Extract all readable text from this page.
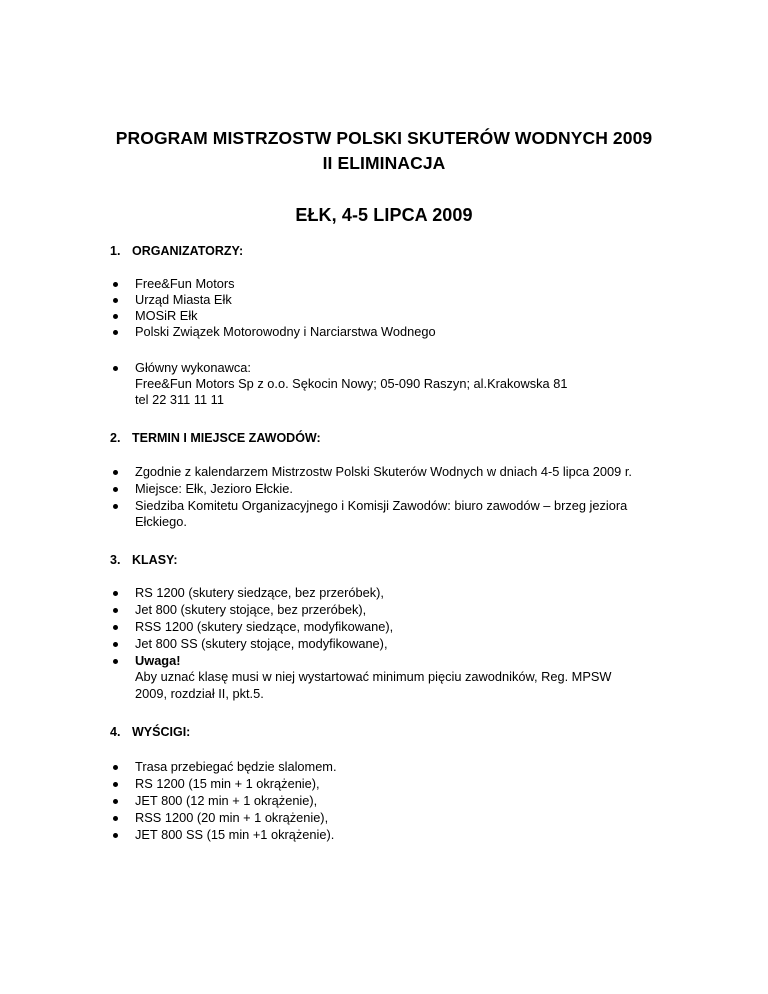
PROGRAM MISTRZOSTW POLSKI SKUTERÓW WODNYCH 2009
II ELIMINACJA
EŁK, 4-5 LIPCA 2009
1. ORGANIZATORZY:
Free&Fun Motors
Urząd Miasta Ełk
MOSiR Ełk
Polski Związek Motorowodny i Narciarstwa Wodnego
Główny wykonawca:
Free&Fun Motors Sp z o.o. Sękocin Nowy; 05-090 Raszyn; al.Krakowska 81
tel 22 311 11 11
2. TERMIN I MIEJSCE ZAWODÓW:
Zgodnie z kalendarzem Mistrzostw Polski Skuterów Wodnych w dniach 4-5 lipca 2009 r.
Miejsce: Ełk, Jezioro Ełckie.
Siedziba Komitetu Organizacyjnego i Komisji Zawodów: biuro zawodów – brzeg jeziora
Ełckiego.
3. KLASY:
RS 1200 (skutery siedzące, bez przeróbek),
Jet 800 (skutery stojące, bez przeróbek),
RSS 1200 (skutery siedzące, modyfikowane),
Jet 800 SS (skutery stojące, modyfikowane),
Uwaga!
Aby uznać klasę musi w niej wystartować minimum pięciu zawodników, Reg. MPSW
2009, rozdział II, pkt.5.
4. WYŚCIGI:
Trasa przebiegać będzie slalomem.
RS 1200 (15 min + 1 okrążenie),
JET 800 (12 min + 1 okrążenie),
RSS 1200 (20 min + 1 okrążenie),
JET 800 SS (15 min +1 okrążenie).
